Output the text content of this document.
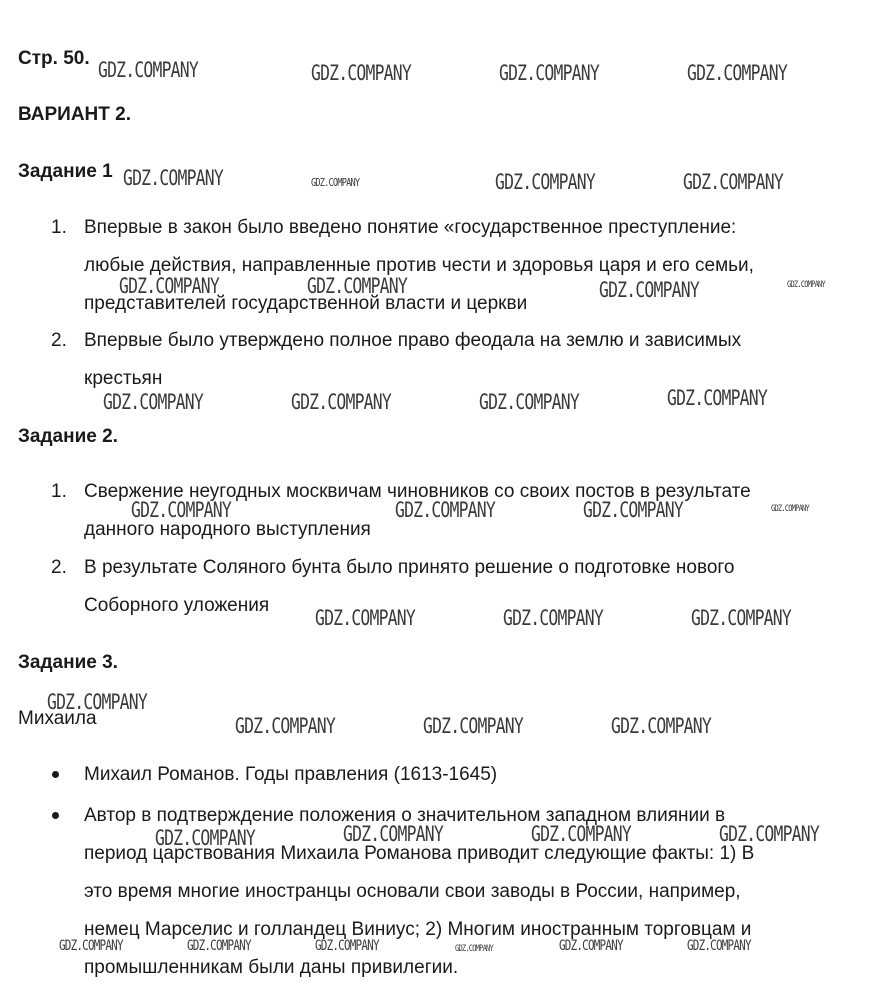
Стр. 50.

ВАРИАНТ 2.

Задание 1

1. Впервые в закон было введено понятие «государственное преступление:
любые действия, направленные против чести и здоровья царя и его семьи,
представителей государственной власти и церкви
2. Впервые было утверждено полное право феодала на землю и зависимых
крестьян

Задание 2.

1. Свержение неугодных москвичам чиновников со своих постов в результате
данного народного выступления
2. В результате Соляного бунта было принято решение о подготовке нового
Соборного уложения

Задание 3.

Михаила

Михаил Романов. Годы правления (1613-1645)
Автор в подтверждение положения о значительном западном влиянии в
период царствования Михаила Романова приводит следующие факты: 1) В
это время многие иностранцы основали свои заводы в России, например,
немец Марселис и голландец Виниус; 2) Многим иностранным торговцам и
промышленникам были даны привилегии.
GDZ.COMPANY	GDZ.COMPANY	GDZ.COMPANY	GDZ.COMPANY
GDZ.COMPANY	GDZ.COMPANY	GDZ.COMPANY	GDZ.COMPANY
GDZ.COMPANY	GDZ.COMPANY	GDZ.COMPANY	GDZ.COMPANY
GDZ.COMPANY	GDZ.COMPANY	GDZ.COMPANY	GDZ.COMPANY
GDZ.COMPANY	GDZ.COMPANY	GDZ.COMPANY	GDZ.COMPANY
GDZ.COMPANY	GDZ.COMPANY	GDZ.COMPANY
GDZ.COMPANY
GDZ.COMPANY	GDZ.COMPANY	GDZ.COMPANY
GDZ.COMPANY	GDZ.COMPANY	GDZ.COMPANY	GDZ.COMPANY
GDZ.COMPANY	GDZ.COMPANY	GDZ.COMPANY	GDZ.COMPANY	GDZ.COMPANY	GDZ.COMPANY
